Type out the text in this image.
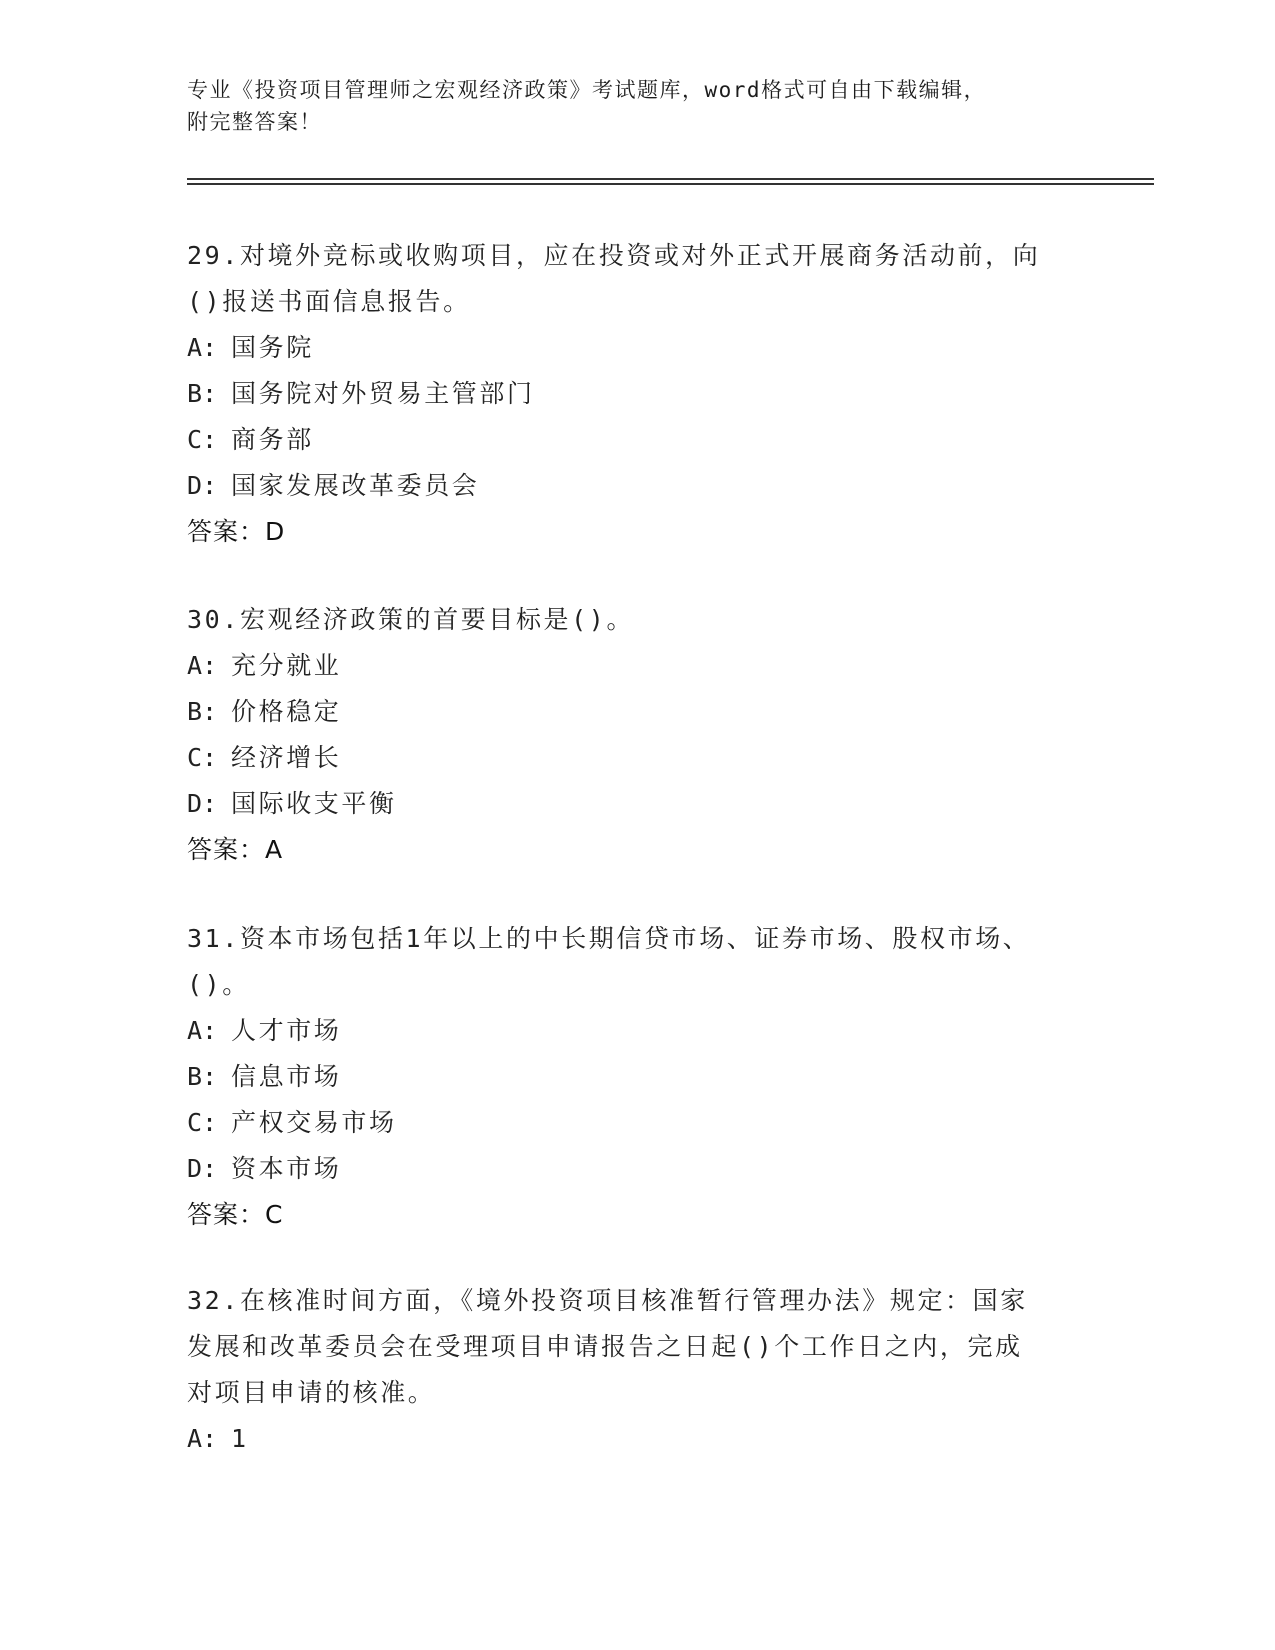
专业《投资项目管理师之宏观经济政策》考试题库，word格式可自由下载编辑，
附完整答案！
29.对境外竞标或收购项目，应在投资或对外正式开展商务活动前，向
()报送书面信息报告。
A: 国务院
B: 国务院对外贸易主管部门
C: 商务部
D: 国家发展改革委员会
答案：D
30.宏观经济政策的首要目标是()。
A: 充分就业
B: 价格稳定
C: 经济增长
D: 国际收支平衡
答案：A
31.资本市场包括1年以上的中长期信贷市场、证券市场、股权市场、
()。
A: 人才市场
B: 信息市场
C: 产权交易市场
D: 资本市场
答案：C
32.在核准时间方面，《境外投资项目核准暂行管理办法》规定：国家
发展和改革委员会在受理项目申请报告之日起()个工作日之内，完成
对项目申请的核准。
A: 1
